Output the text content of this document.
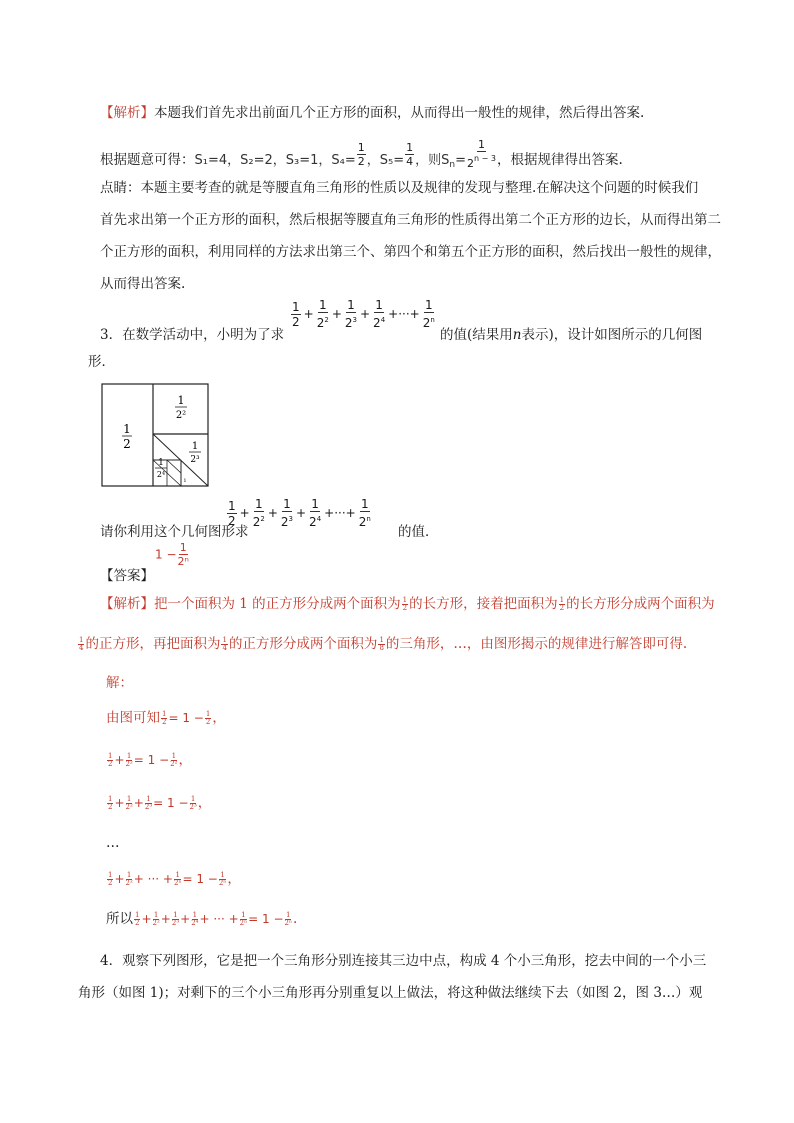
【解析】本题我们首先求出前面几个正方形的面积，从而得出一般性的规律，然后得出答案.
根据题意可得：S₁=4，S₂=2，S₃=1，$S_4= \frac{1}{2}$ ，$S_5= \frac{1}{4}$ ，则$S_n= \frac{1}{2^{n - 3}}$ ，根据规律得出答案.
点睛：本题主要考查的就是等腰直角三角形的性质以及规律的发现与整理.在解决这个问题的时候我们
首先求出第一个正方形的面积，然后根据等腰直角三角形的性质得出第二个正方形的边长，从而得出第二
个正方形的面积，利用同样的方法求出第三个、第四个和第五个正方形的面积，然后找出一般性的规律，
从而得出答案.
$\frac{1}{2} + \frac{1}{2^2} + \frac{1}{2^3} + \frac{1}{2^4}$ +···+ $\frac{1}{2^n}$
3．在数学活动中，小明为了求	的值(结果用n表示)，设计如图所示的几何图
形．
1
2
1
2²
1
2³
1
2⁴
1
$\frac{1}{2} + \frac{1}{2^2} + \frac{1}{2^3} + \frac{1}{2^4}$ +···+ $\frac{1}{2^n}$
请你利用这个几何图形求	的值．
$1 - \frac{1}{\text{2ⁿ}}$
【答案】
【解析】把一个面积为 1 的正方形分成两个面积为 $\frac{1}{2}$ 的长方形，接着把面积为 $\frac{1}{2}$ 的长方形分成两个面积为
$\frac{1}{4}$ 的正方形，再把面积为 $\frac{1}{4}$ 的正方形分成两个面积为 $\frac{1}{8}$ 的三角形，…，由图形揭示的规律进行解答即可得.
解：
由图可知 $\frac{1}{2} = 1 - \frac{1}{2}$ ，
$\frac{1}{2} + \frac{1}{\text{2²}} = 1 - \frac{1}{\text{2²}}$ ，
$\frac{1}{2} + \frac{1}{\text{2²}} + \frac{1}{\text{2³}} = 1 - \frac{1}{\text{2³}}$ ，
…
$\frac{1}{2} + \frac{1}{\text{2²}}$ + ··· + $\frac{1}{\text{2ⁿ}} = 1 - \frac{1}{\text{2ⁿ}}$ ，
所以 $\frac{1}{2} + \frac{1}{\text{2²}} + \frac{1}{\text{2³}} + \frac{1}{\text{2⁴}}$ + ··· + $\frac{1}{\text{2ⁿ}} = 1 - \frac{1}{\text{2ⁿ}}$ .
4．观察下列图形，它是把一个三角形分别连接其三边中点，构成 4 个小三角形，挖去中间的一个小三
角形（如图 1)；对剩下的三个小三角形再分别重复以上做法，将这种做法继续下去（如图 2，图 3…）观
